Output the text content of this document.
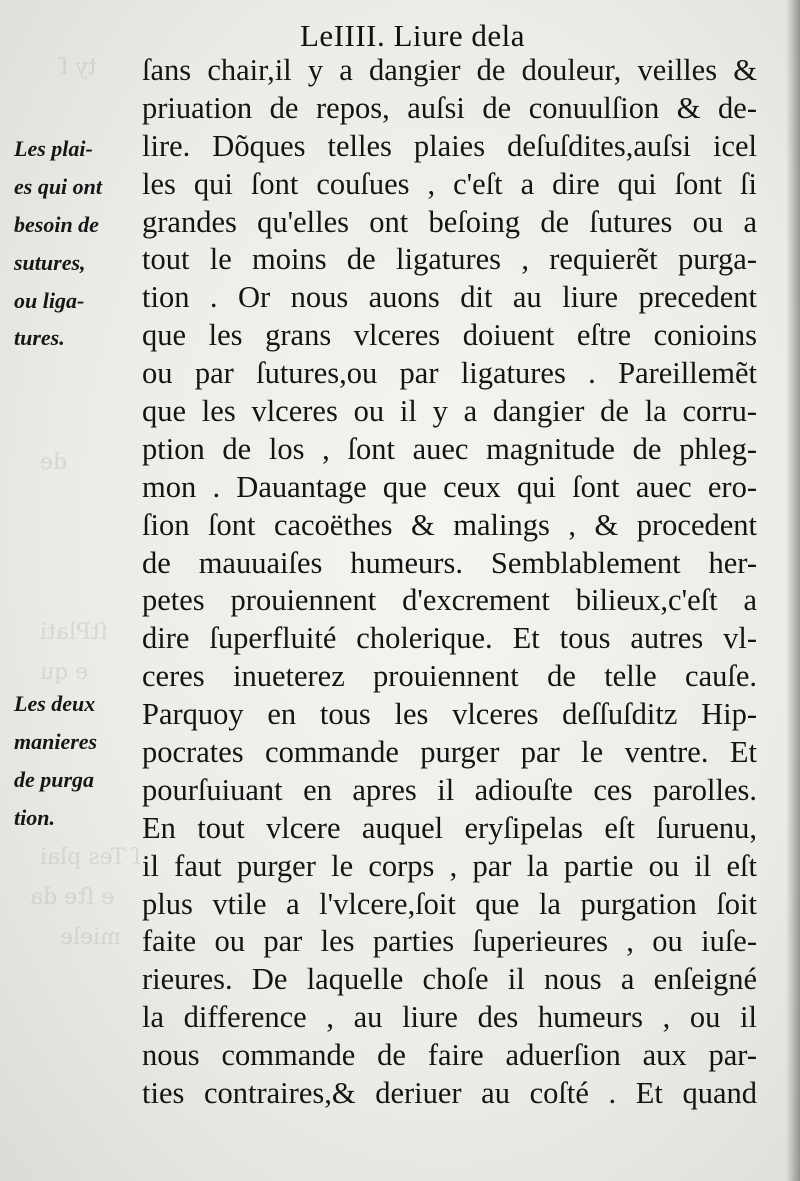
ty ſ
de
ſtPlati
e qu
ſ Tes plai
e ſte da
miele
LeIIII. Liure dela
Les plai-
es qui ont
besoin de
sutures,
ou liga-
tures.
Les deux
manieres
de purga
tion.
ſans chair,il y a dangier de douleur, veilles &
priuation de repos, auſsi de conuulſion & de-
lire. Dõques telles plaies deſuſdites,auſsi icel
les qui ſont couſues , c'eſt a dire qui ſont ſi
grandes qu'elles ont beſoing de ſutures ou a
tout le moins de ligatures , requierẽt purga-
tion . Or nous auons dit au liure precedent
que les grans vlceres doiuent eſtre conioins
ou par ſutures,ou par ligatures . Pareillemẽt
que les vlceres ou il y a dangier de la corru-
ption de los , ſont auec magnitude de phleg-
mon . Dauantage que ceux qui ſont auec ero-
ſion ſont cacoëthes & malings , & procedent
de mauuaiſes humeurs. Semblablement her-
petes prouiennent d'excrement bilieux,c'eſt a
dire ſuperfluité cholerique. Et tous autres vl-
ceres inueterez prouiennent de telle cauſe.
Parquoy en tous les vlceres deſſuſditz Hip-
pocrates commande purger par le ventre. Et
pourſuiuant en apres il adiouſte ces parolles.
En tout vlcere auquel eryſipelas eſt ſuruenu,
il faut purger le corps , par la partie ou il eſt
plus vtile a l'vlcere,ſoit que la purgation ſoit
faite ou par les parties ſuperieures , ou iuſe-
rieures. De laquelle choſe il nous a enſeigné
la difference , au liure des humeurs , ou il
nous commande de faire aduerſion aux par-
ties contraires,& deriuer au coſté . Et quand
